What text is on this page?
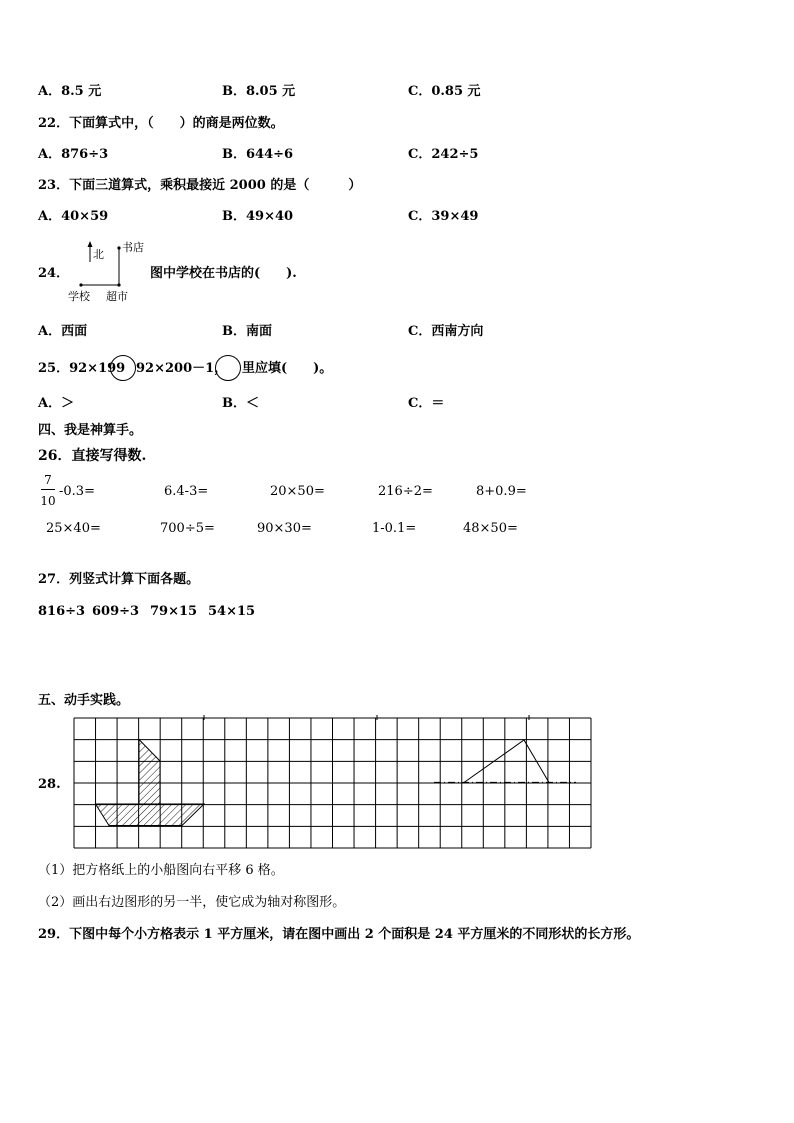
A．8.5 元	B．8.05 元	C．0.85 元
22．下面算式中，（　　）的商是两位数。
A．876÷3	B．644÷6	C．242÷5
23．下面三道算式，乘积最接近 2000 的是（　　　）
A．40×59	B．49×40	C．39×49
24．
北
书店
学校 超市
图中学校在书店的(　　).
A．西面	B．南面	C．西南方向
25．92×199 92×200－1， 里应填(　　)。
A．＞	B．＜	C．＝
四、我是神算手。
26．直接写得数.
7
10
-0.3=	6.4-3=	20×50=	216÷2=	8+0.9=
25×40=	700÷5=	90×30=	1-0.1=	48×50=
27．列竖式计算下面各题。
816÷3 609÷3 79×15 54×15
五、动手实践。
28.
（1）把方格纸上的小船图向右平移 6 格。
（2）画出右边图形的另一半，使它成为轴对称图形。
29．下图中每个小方格表示 1 平方厘米，请在图中画出 2 个面积是 24 平方厘米的不同形状的长方形。
